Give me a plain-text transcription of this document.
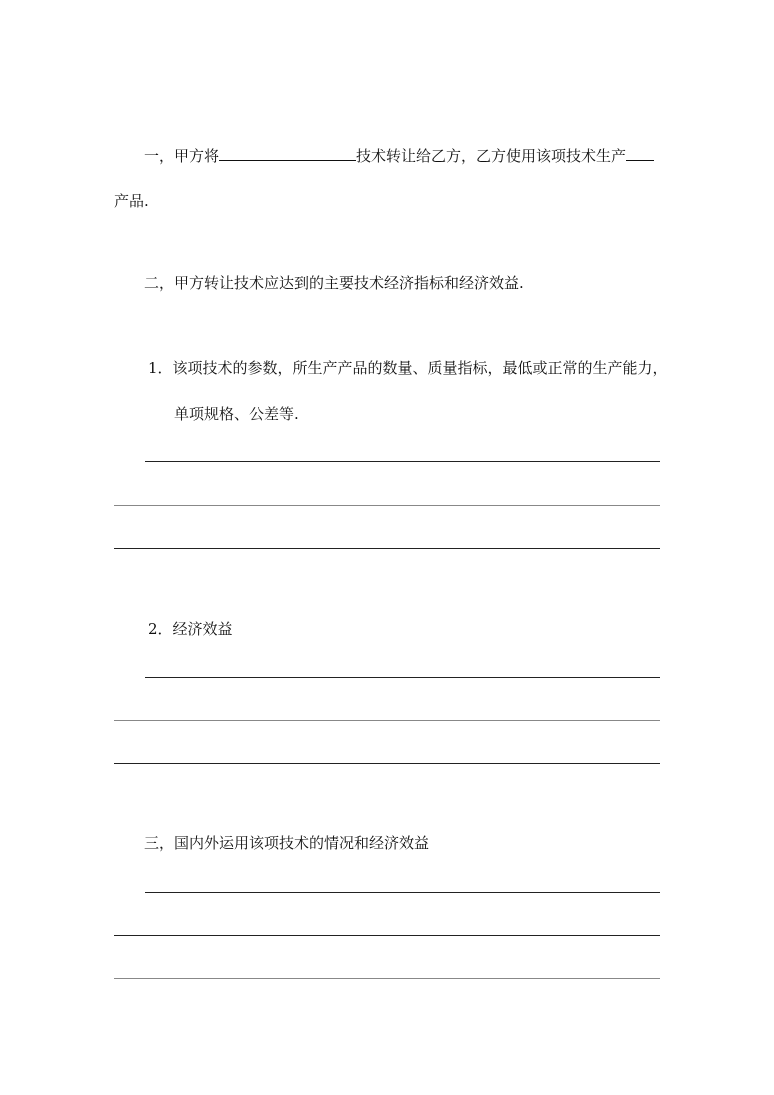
一，甲方将	技术转让给乙方，乙方使用该项技术生产
产品.
二，甲方转让技术应达到的主要技术经济指标和经济效益.
1．该项技术的参数，所生产产品的数量、质量指标，最低或正常的生产能力，
单项规格、公差等.
2．经济效益
三，国内外运用该项技术的情况和经济效益
